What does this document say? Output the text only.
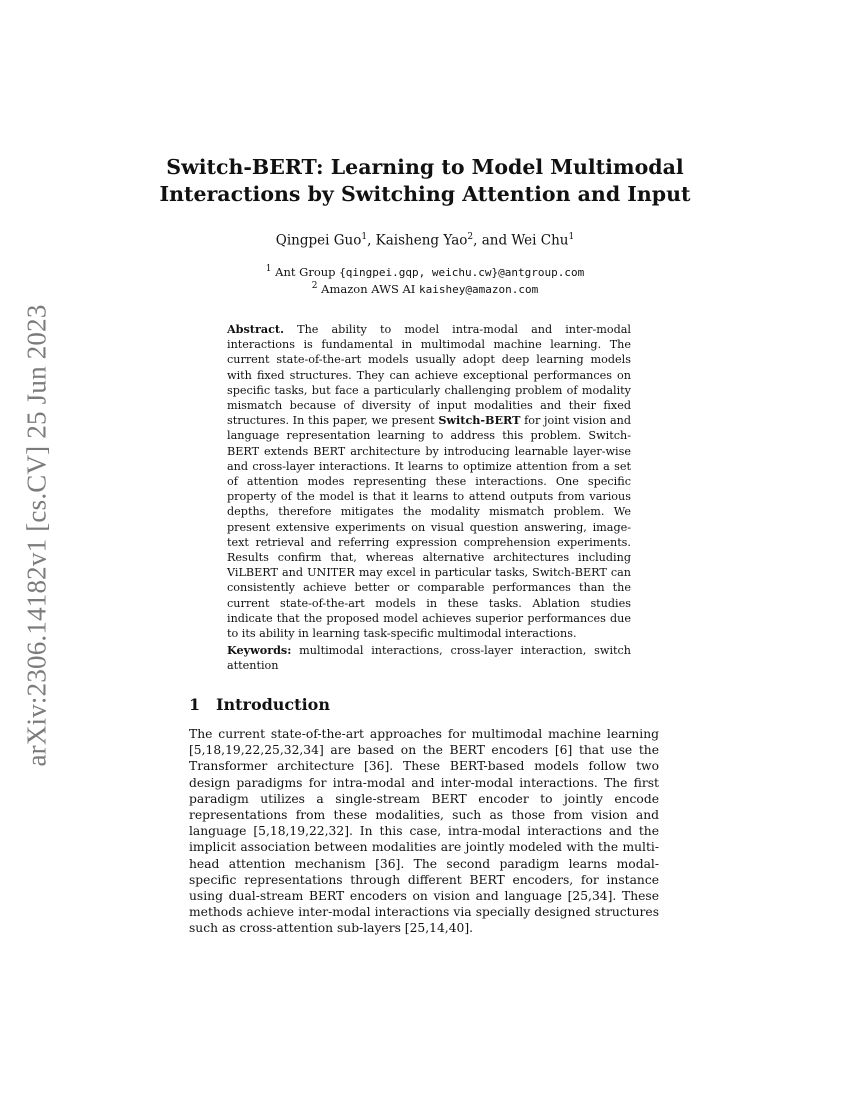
arXiv:2306.14182v1 [cs.CV] 25 Jun 2023
Switch-BERT: Learning to Model Multimodal
Interactions by Switching Attention and Input
Qingpei Guo$^1$, Kaisheng Yao$^2$, and Wei Chu$^1$
$^1$ Ant Group {qingpei.gqp, weichu.cw}@antgroup.com
$^2$ Amazon AWS AI kaishey@amazon.com
Abstract. The ability to model intra-modal and inter-modal interactions is fundamental in multimodal machine learning. The current state-of-the-art models usually adopt deep learning models with fixed structures. They can achieve exceptional performances on specific tasks, but face a particularly challenging problem of modality mismatch because of diversity of input modalities and their fixed structures. In this paper, we present Switch-BERT for joint vision and language representation learning to address this problem. Switch-BERT extends BERT architecture by introducing learnable layer-wise and cross-layer interactions. It learns to optimize attention from a set of attention modes representing these interactions. One specific property of the model is that it learns to attend outputs from various depths, therefore mitigates the modality mismatch problem. We present extensive experiments on visual question answering, image-text retrieval and referring expression comprehension experiments. Results confirm that, whereas alternative architectures including ViLBERT and UNITER may excel in particular tasks, Switch-BERT can consistently achieve better or comparable performances than the current state-of-the-art models in these tasks. Ablation studies indicate that the proposed model achieves superior performances due to its ability in learning task-specific multimodal interactions.
Keywords: multimodal interactions, cross-layer interaction, switch attention
1 Introduction
The current state-of-the-art approaches for multimodal machine learning [5,18,19,22,25,32,34] are based on the BERT encoders [6] that use the Transformer architecture [36]. These BERT-based models follow two design paradigms for intra-modal and inter-modal interactions. The first paradigm utilizes a single-stream BERT encoder to jointly encode representations from these modalities, such as those from vision and language [5,18,19,22,32]. In this case, intra-modal interactions and the implicit association between modalities are jointly modeled with the multi-head attention mechanism [36]. The second paradigm learns modal-specific representations through different BERT encoders, for instance using dual-stream BERT encoders on vision and language [25,34]. These methods achieve inter-modal interactions via specially designed structures such as cross-attention sub-layers [25,14,40].
